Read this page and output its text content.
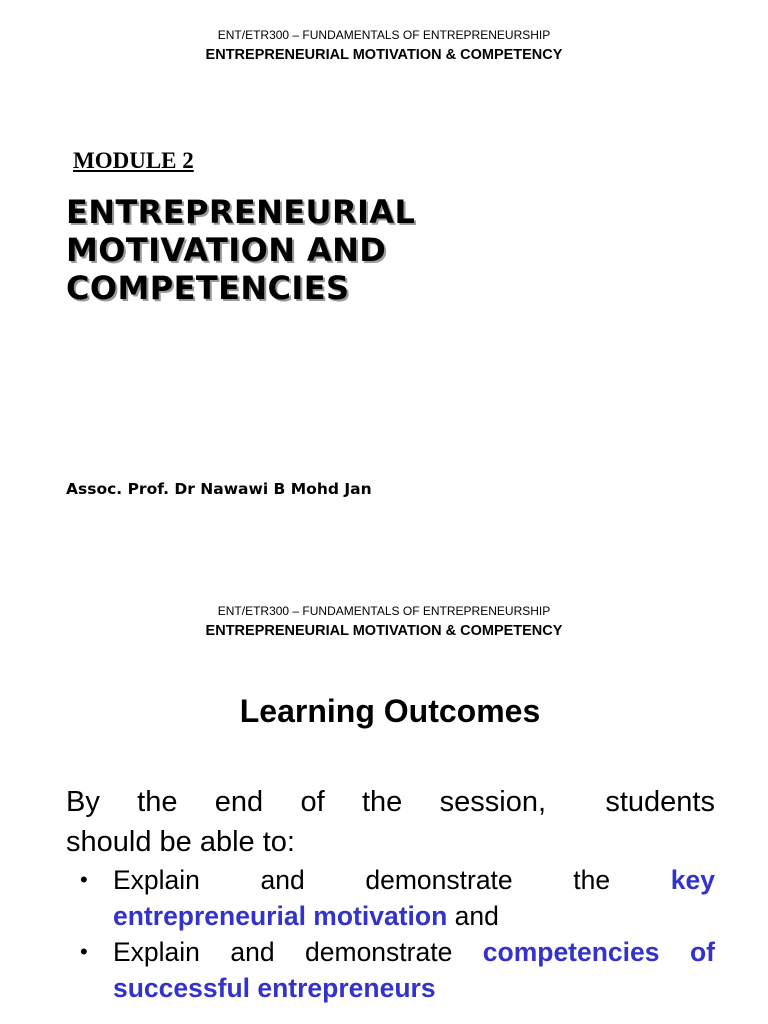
ENT/ETR300 – FUNDAMENTALS OF ENTREPRENEURSHIP
ENTREPRENEURIAL MOTIVATION & COMPETENCY
MODULE 2
ENTREPRENEURIAL
MOTIVATION AND
COMPETENCIES
Assoc. Prof. Dr Nawawi B Mohd Jan
ENT/ETR300 – FUNDAMENTALS OF ENTREPRENEURSHIP
ENTREPRENEURIAL MOTIVATION & COMPETENCY
Learning Outcomes
By the end of the session, students
should be able to:
• Explain and demonstrate the key
entrepreneurial motivation and
• Explain and demonstrate competencies of
successful entrepreneurs
